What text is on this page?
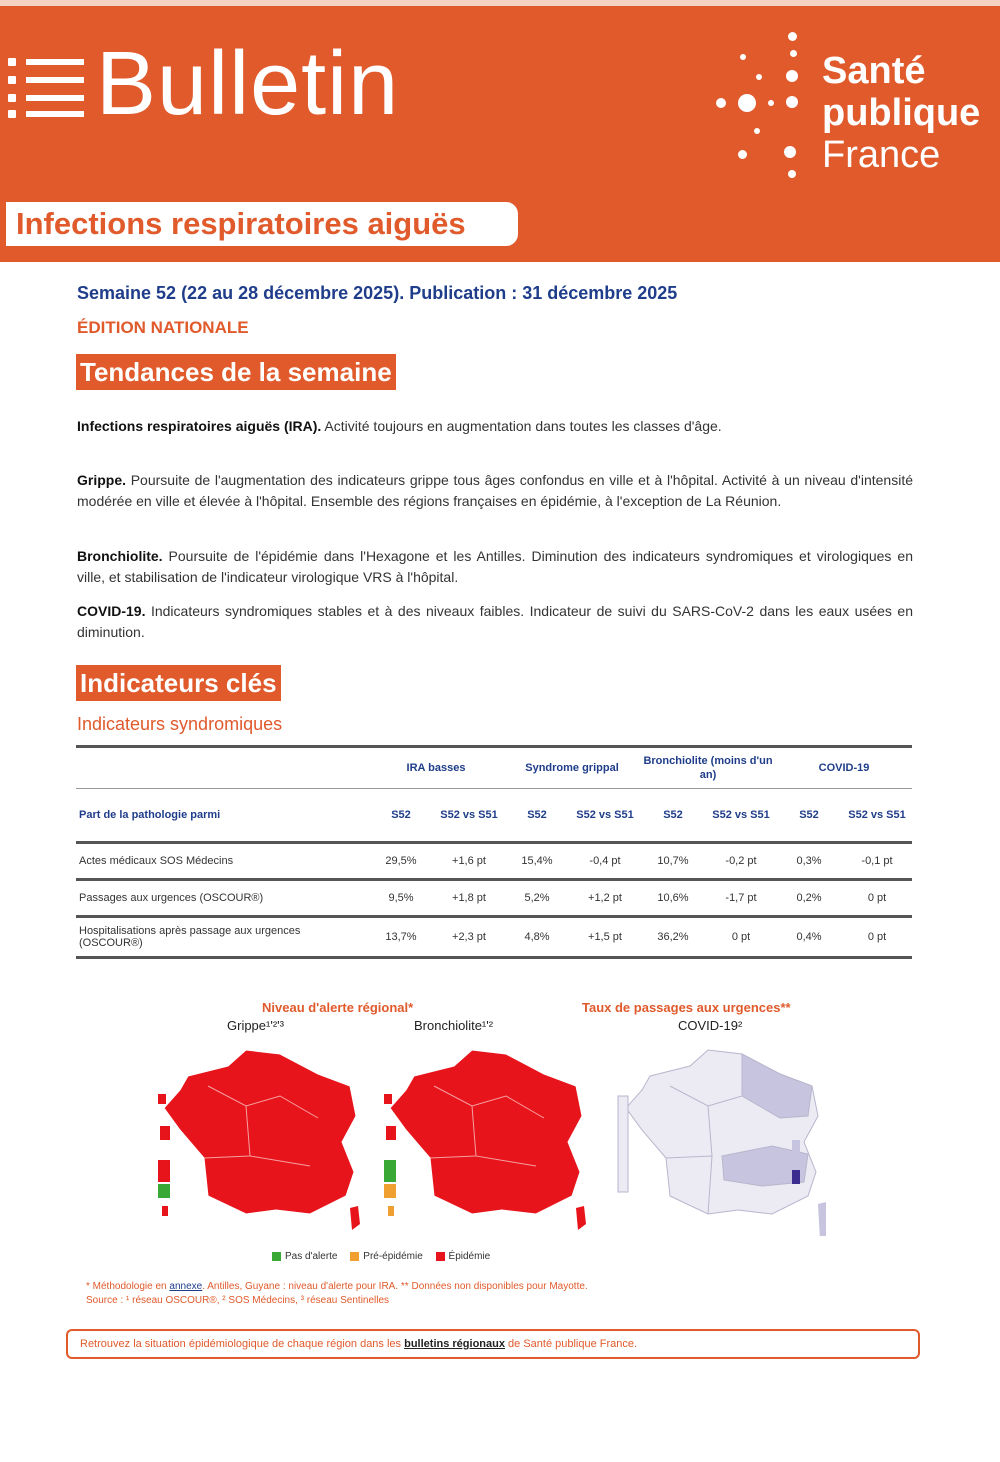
Bulletin	Santé
publique
France
Infections respiratoires aiguës
Semaine 52 (22 au 28 décembre 2025). Publication : 31 décembre 2025
ÉDITION NATIONALE
Tendances de la semaine
Infections respiratoires aiguës (IRA). Activité toujours en augmentation dans toutes les classes d'âge.
Grippe. Poursuite de l'augmentation des indicateurs grippe tous âges confondus en ville et à l'hôpital. Activité à un niveau d'intensité modérée en ville et élevée à l'hôpital. Ensemble des régions françaises en épidémie, à l'exception de La Réunion.
Bronchiolite. Poursuite de l'épidémie dans l'Hexagone et les Antilles. Diminution des indicateurs syndromiques et virologiques en ville, et stabilisation de l'indicateur virologique VRS à l'hôpital.
COVID-19. Indicateurs syndromiques stables et à des niveaux faibles. Indicateur de suivi du SARS-CoV-2 dans les eaux usées en diminution.
Indicateurs clés
Indicateurs syndromiques
	IRA basses		Syndrome grippal		Bronchiolite (moins d'un an)		COVID-19	
Part de la pathologie parmi	S52	S52 vs S51	S52	S52 vs S51	S52	S52 vs S51	S52	S52 vs S51
Actes médicaux SOS Médecins	29,5%	+1,6 pt	15,4%	-0,4 pt	10,7%	-0,2 pt	0,3%	-0,1 pt
Passages aux urgences (OSCOUR®)	9,5%	+1,8 pt	5,2%	+1,2 pt	10,6%	-1,7 pt	0,2%	0 pt
Hospitalisations après passage aux urgences (OSCOUR®)	13,7%	+2,3 pt	4,8%	+1,5 pt	36,2%	0 pt	0,4%	0 pt
Niveau d'alerte régional*	Taux de passages aux urgences**
Grippe¹'²'³	Bronchiolite¹'²	COVID-19²
Pas d'alerte	Pré-épidémie	Épidémie
* Méthodologie en annexe. Antilles, Guyane : niveau d'alerte pour IRA. ** Données non disponibles pour Mayotte.
Source : ¹ réseau OSCOUR®, ² SOS Médecins, ³ réseau Sentinelles
Retrouvez la situation épidémiologique de chaque région dans les bulletins régionaux de Santé publique France.
